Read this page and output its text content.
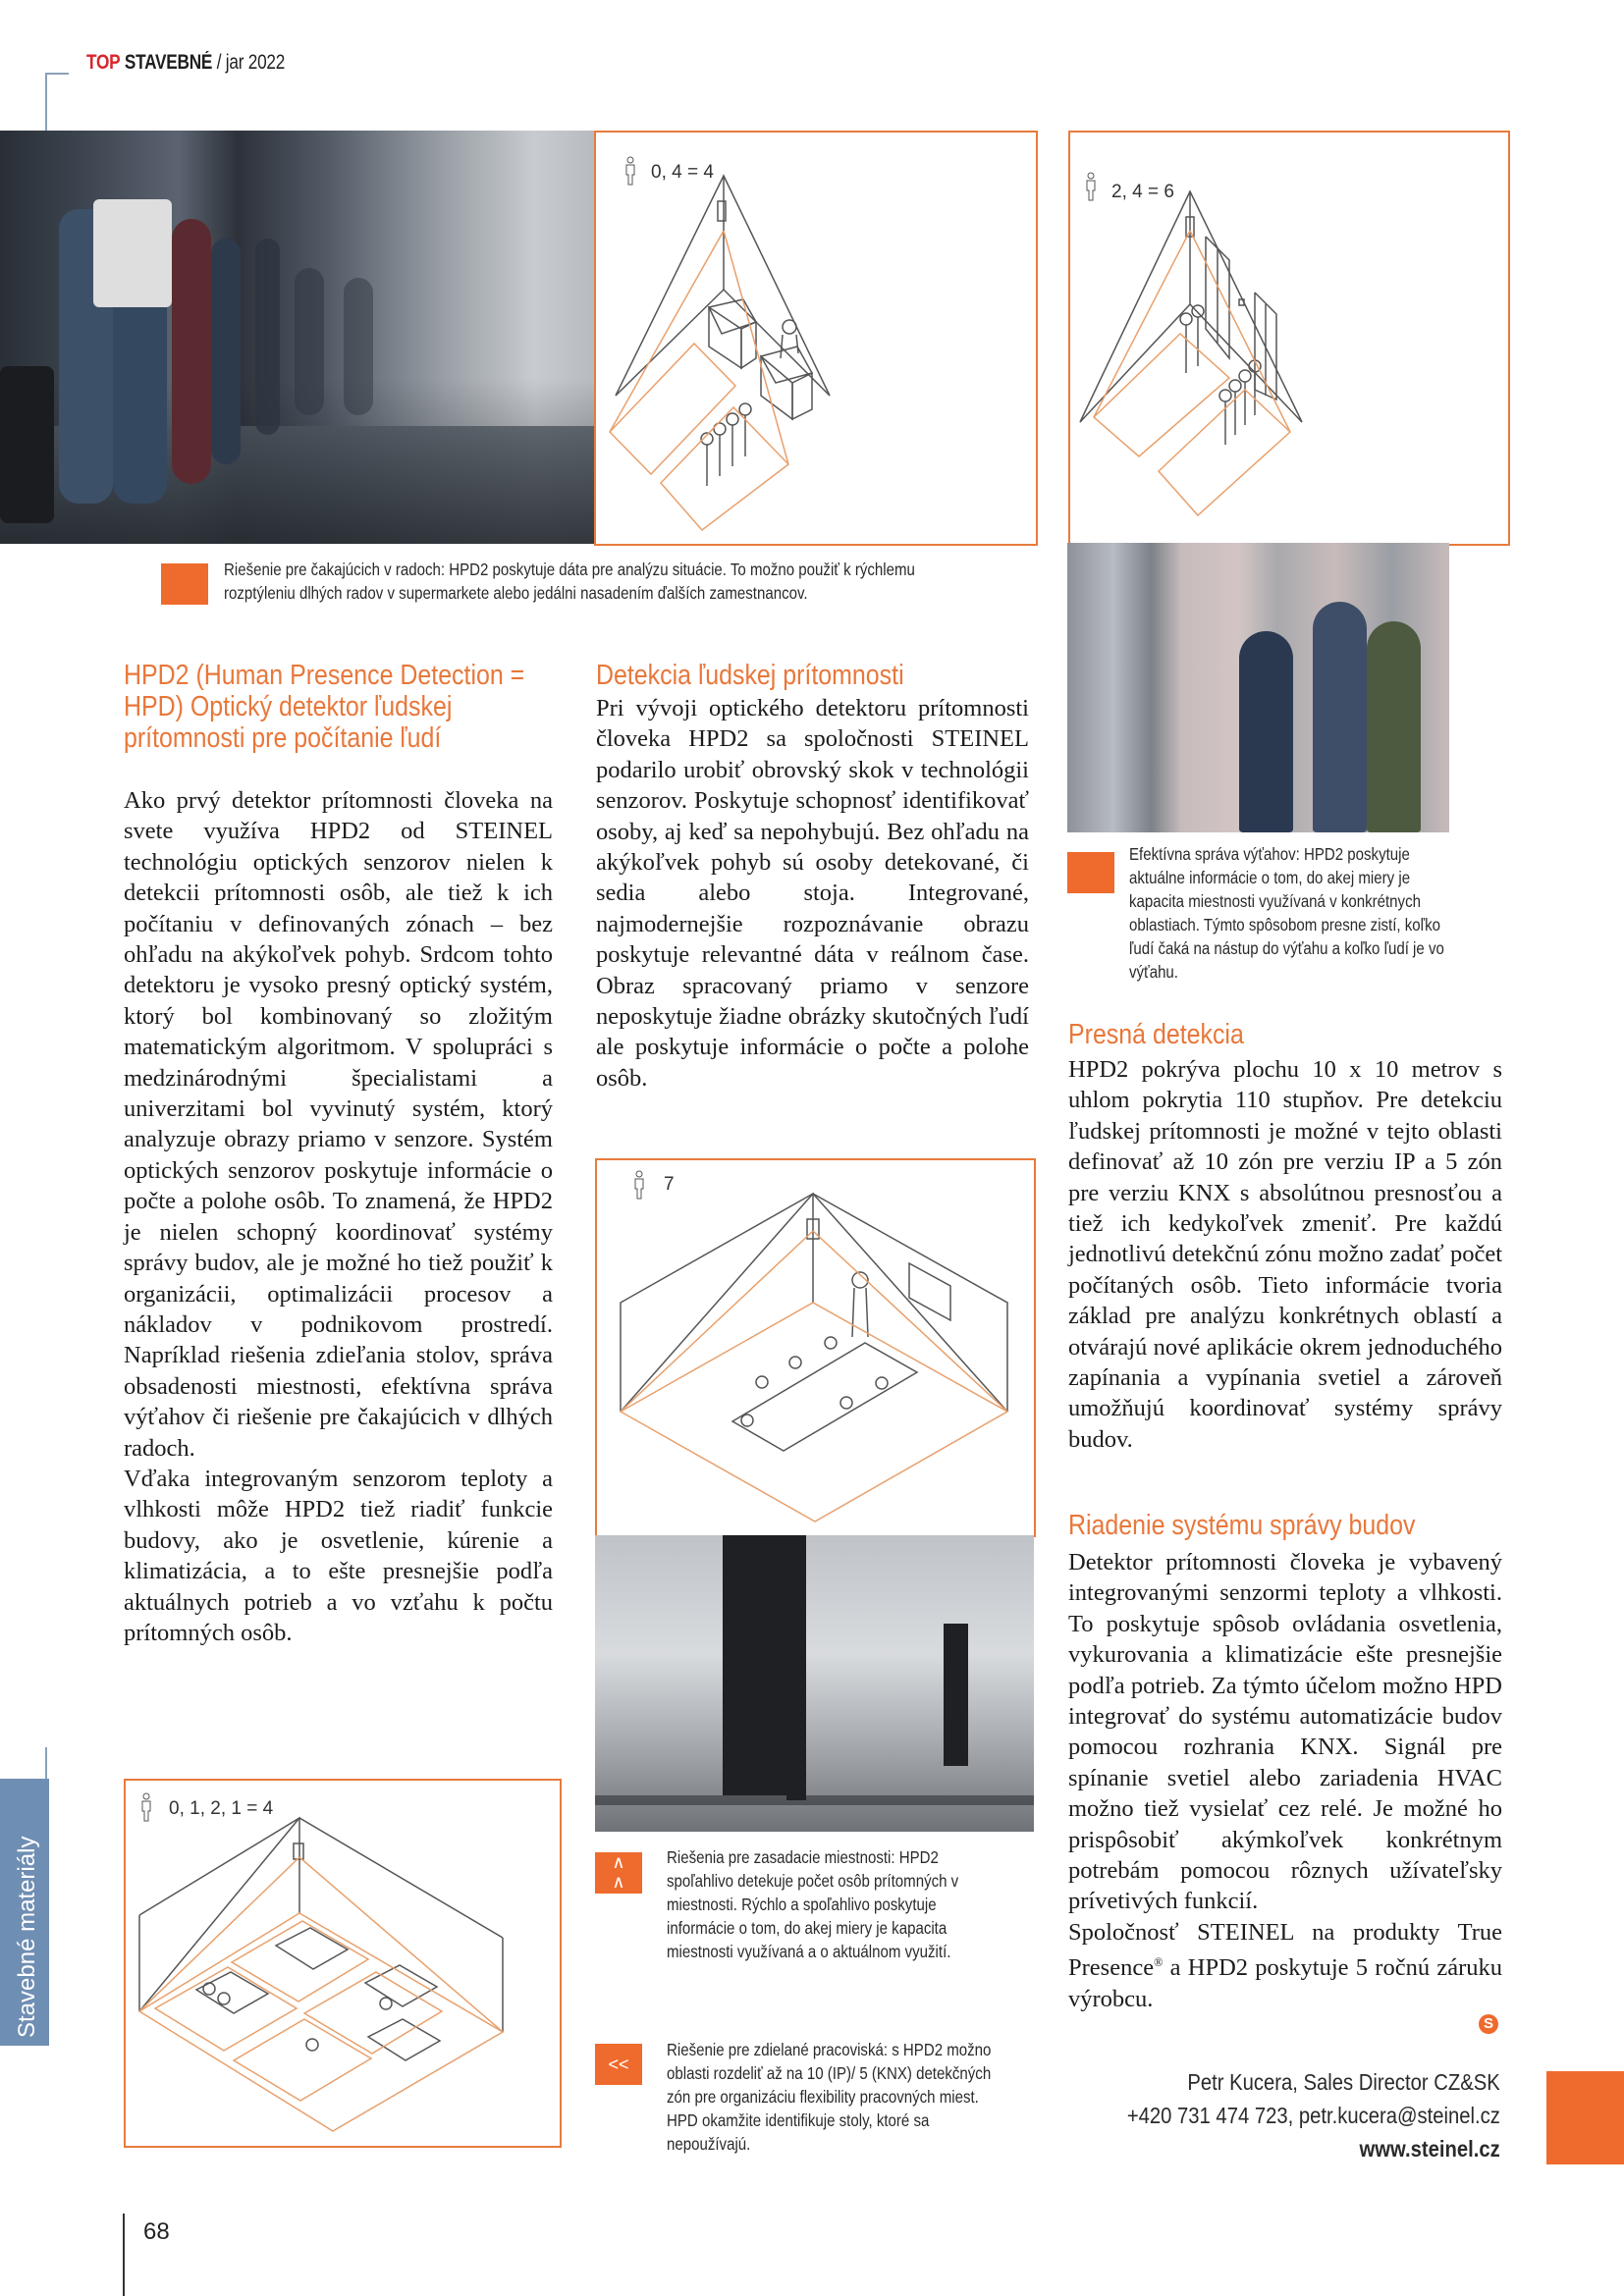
TOP STAVEBNÉ / jar 2022
0, 4 = 4
2, 4 = 6
Riešenie pre čakajúcich v radoch: HPD2 poskytuje dáta pre analýzu situácie. To možno použiť k rýchlemu rozptýleniu dlhých radov v supermarkete alebo jedálni nasadením ďalších zamestnancov.
Efektívna správa výťahov: HPD2 poskytuje aktuálne informácie o tom, do akej miery je kapacita miestnosti využívaná v konkrétnych oblastiach. Týmto spôsobom presne zistí, koľko ľudí čaká na nástup do výťahu a koľko ľudí je vo výťahu.
HPD2 (Human Presence Detection = HPD) Optický detektor ľudskej prítomnosti pre počítanie ľudí

Ako prvý detektor prítomnosti človeka na svete využíva HPD2 od STEINEL technológiu optických senzorov nielen k detekcii prítomnosti osôb, ale tiež k ich počítaniu v definovaných zónach – bez ohľadu na akýkoľvek pohyb. Srdcom tohto detektoru je vysoko presný optický systém, ktorý bol kombinovaný so zložitým matematickým algoritmom. V spolupráci s medzinárodnými špecialistami a univerzitami bol vyvinutý systém, ktorý analyzuje obrazy priamo v senzore. Systém optických senzorov poskytuje informácie o počte a polohe osôb. To znamená, že HPD2 je nielen schopný koordinovať systémy správy budov, ale je možné ho tiež použiť k organizácii, optimalizácii procesov a nákladov v podnikovom prostredí. Napríklad riešenia zdieľania stolov, správa obsadenosti miestnosti, efektívna správa výťahov či riešenie pre čakajúcich v dlhých radoch.

Vďaka integrovaným senzorom teploty a vlhkosti môže HPD2 tiež riadiť funkcie budovy, ako je osvetlenie, kúrenie a klimatizácia, a to ešte presnejšie podľa aktuálnych potrieb a vo vzťahu k počtu prítomných osôb.

Detekcia ľudskej prítomnosti

Pri vývoji optického detektoru prítomnosti človeka HPD2 sa spoločnosti STEINEL podarilo urobiť obrovský skok v technológii senzorov. Poskytuje schopnosť identifikovať osoby, aj keď sa nepohybujú. Bez ohľadu na akýkoľvek pohyb sú osoby detekované, či sedia alebo stoja. Integrované, najmodernejšie rozpoznávanie obrazu poskytuje relevantné dáta v reálnom čase. Obraz spracovaný priamo v senzore neposkytuje žiadne obrázky skutočných ľudí ale poskytuje informácie o počte a polohe osôb.

7
∧
∧
Riešenia pre zasadacie miestnosti: HPD2 spoľahlivo detekuje počet osôb prítomných v miestnosti. Rýchlo a spoľahlivo poskytuje informácie o tom, do akej miery je kapacita miestnosti využívaná a o aktuálnom využití.
<<
Riešenie pre zdielané pracoviská: s HPD2 možno oblasti rozdeliť až na 10 (IP)/ 5 (KNX) detekčných zón pre organizáciu flexibility pracovných miest. HPD okamžite identifikuje stoly, ktoré sa nepoužívajú.
0, 1, 2, 1 = 4
Presná detekcia
HPD2 pokrýva plochu 10 x 10 metrov s uhlom pokrytia 110 stupňov. Pre detekciu ľudskej prítomnosti je možné v tejto oblasti definovať až 10 zón pre verziu IP a 5 zón pre verziu KNX s absolútnou presnosťou a tiež ich kedykoľvek zmeniť. Pre každú jednotlivú detekčnú zónu možno zadať počet počítaných osôb. Tieto informácie tvoria základ pre analýzu konkrétnych oblastí a otvárajú nové aplikácie okrem jednoduchého zapínania a vypínania svetiel a zároveň umožňujú koordinovať systémy správy budov.
Riadenie systému správy budov

Detektor prítomnosti človeka je vybavený integrovanými senzormi teploty a vlhkosti. To poskytuje spôsob ovládania osvetlenia, vykurovania a klimatizácie ešte presnejšie podľa potrieb. Za týmto účelom možno HPD integrovať do systému automatizácie budov pomocou rozhrania KNX. Signál pre spínanie svetiel alebo zariadenia HVAC možno tiež vysielať cez relé. Je možné ho prispôsobiť akýmkoľvek konkrétnym potrebám pomocou rôznych užívateľsky prívetivých funkcií.

Spoločnosť STEINEL na produkty True Presence® a HPD2 poskytuje 5 ročnú záruku výrobcu.

S
Petr Kucera, Sales Director CZ&SK
+420 731 474 723, petr.kucera@steinel.cz
www.steinel.cz
Stavebné materiály
68
